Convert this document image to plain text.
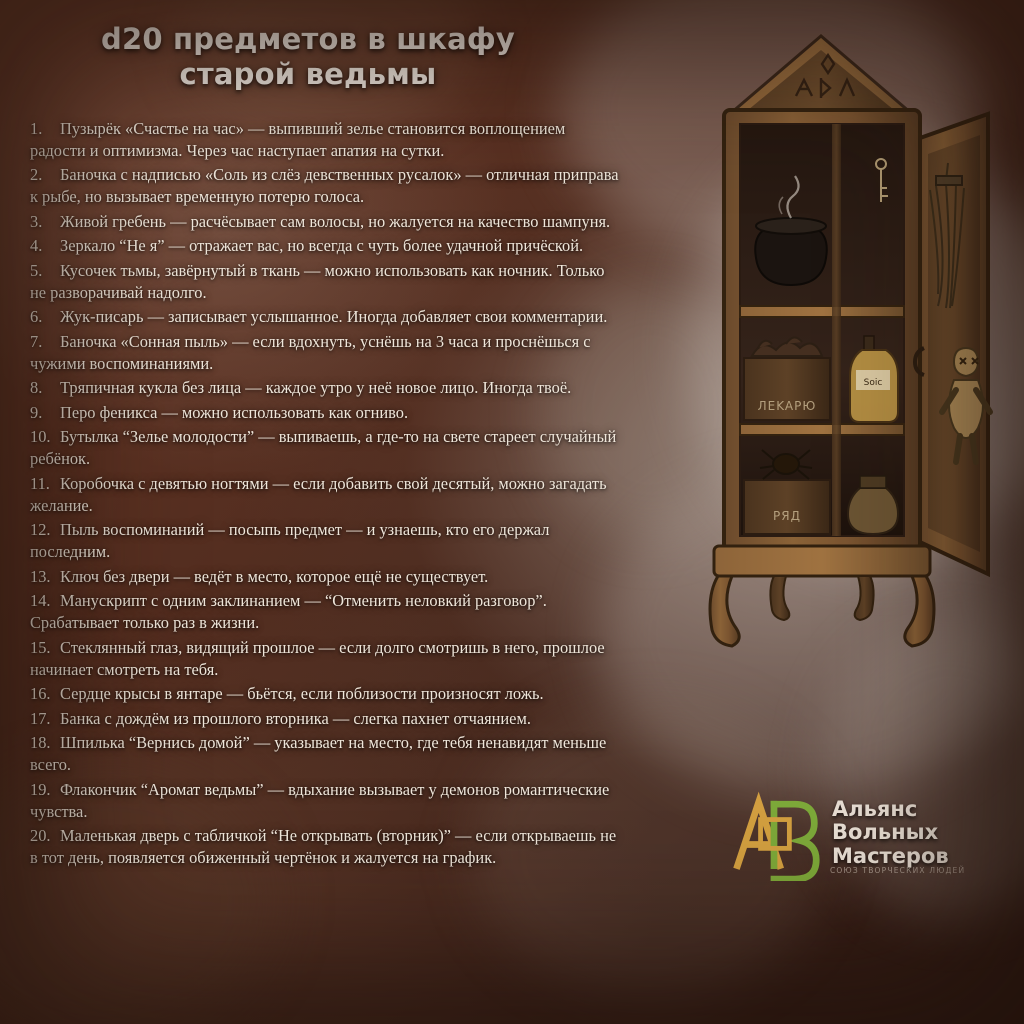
d20 предметов в шкафу
старой ведьмы

1. Пузырёк «Счастье на час» — выпивший зелье становится воплощением радости и оптимизма. Через час наступает апатия на сутки.

2. Баночка с надписью «Соль из слёз девственных русалок» — отличная приправа к рыбе, но вызывает временную потерю голоса.

3. Живой гребень — расчёсывает сам волосы, но жалуется на качество шампуня.

4. Зеркало “Не я” — отражает вас, но всегда с чуть более удачной причёской.

5. Кусочек тьмы, завёрнутый в ткань — можно использовать как ночник. Только не разворачивай надолго.

6. Жук-писарь — записывает услышанное. Иногда добавляет свои комментарии.

7. Баночка «Сонная пыль» — если вдохнуть, уснёшь на 3 часа и проснёшься с чужими воспоминаниями.

8. Тряпичная кукла без лица — каждое утро у неё новое лицо. Иногда твоё.

9. Перо феникса — можно использовать как огниво.

10. Бутылка “Зелье молодости” — выпиваешь, а где-то на свете стареет случайный ребёнок.

11. Коробочка с девятью ногтями — если добавить свой десятый, можно загадать желание.

12. Пыль воспоминаний — посыпь предмет — и узнаешь, кто его держал последним.

13. Ключ без двери — ведёт в место, которое ещё не существует.

14. Манускрипт с одним заклинанием — “Отменить неловкий разговор”. Срабатывает только раз в жизни.

15. Стеклянный глаз, видящий прошлое — если долго смотришь в него, прошлое начинает смотреть на тебя.

16. Сердце крысы в янтаре — бьётся, если поблизости произносят ложь.

17. Банка с дождём из прошлого вторника — слегка пахнет отчаянием.

18. Шпилька “Вернись домой” — указывает на место, где тебя ненавидят меньше всего.

19. Флакончик “Аромат ведьмы” — вдыхание вызывает у демонов романтические чувства.

20. Маленькая дверь с табличкой “Не открывать (вторник)” — если открываешь не в тот день, появляется обиженный чертёнок и жалуется на график.

ЛEKAPЮ
PЯД
Soic
Альянс
Вольных
Мастеров
СОЮЗ ТВОРЧЕСКИХ ЛЮДЕЙ
